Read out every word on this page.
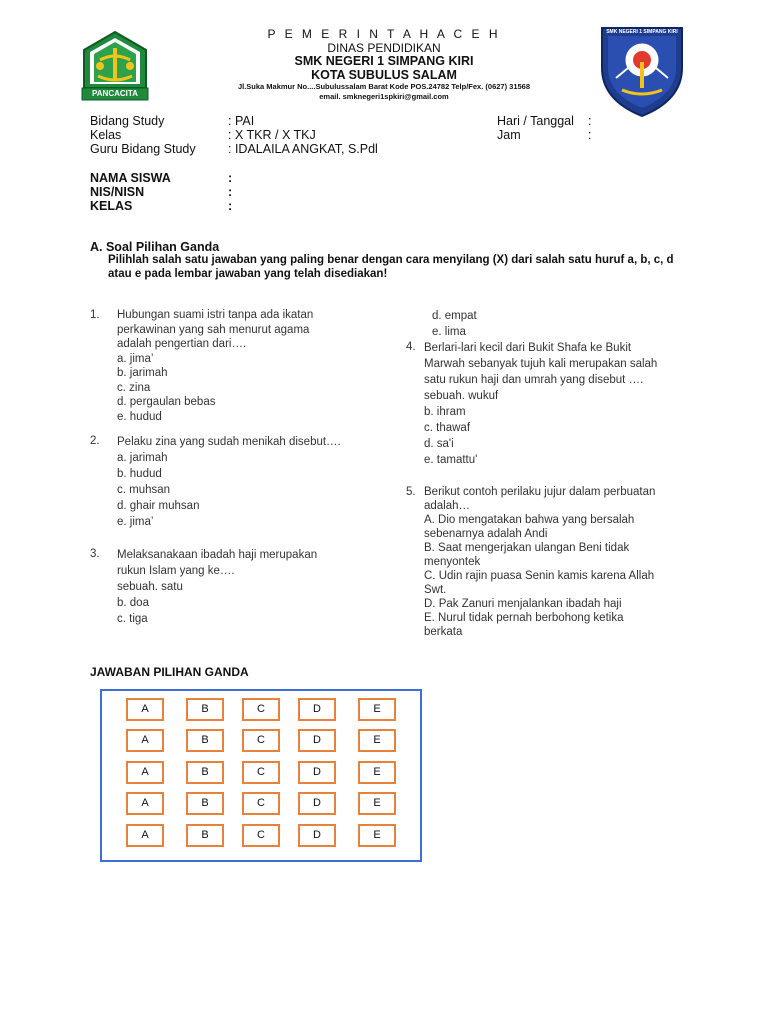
PANCACITA
SMK NEGERI 1 SIMPANG KIRI
P E M E R I N T A H A C E H
DINAS PENDIDIKAN
SMK NEGERI 1 SIMPANG KIRI
KOTA SUBULUS SALAM
Jl.Suka Makmur No....Subulussalam Barat Kode POS.24782 Telp/Fex. (0627) 31568
email. smknegeri1spkiri@gmail.com
Bidang Study	: PAI
Kelas	: X TKR / X TKJ
Guru Bidang Study	: IDALAILA ANGKAT, S.Pdl
Hari / Tanggal :
Jam	:
NAMA SISWA	:
NIS/NISN	:
KELAS	:
A. Soal Pilihan Ganda
Pilihlah salah satu jawaban yang paling benar dengan cara menyilang (X) dari salah satu huruf a, b, c, d
atau e pada lembar jawaban yang telah disediakan!
1. Hubungan suami istri tanpa ada ikatan
perkawinan yang sah menurut agama
adalah pengertian dari….
a. jima’
b. jarimah
c. zina
d. pergaulan bebas
e. hudud
2. Pelaku zina yang sudah menikah disebut….
a. jarimah
b. hudud
c. muhsan
d. ghair muhsan
e. jima’
3. Melaksanakaan ibadah haji merupakan
rukun Islam yang ke….
sebuah. satu
b. doa
c. tiga
d. empat
e. lima
4. Berlari-lari kecil dari Bukit Shafa ke Bukit
Marwah sebanyak tujuh kali merupakan salah
satu rukun haji dan umrah yang disebut ….
sebuah. wukuf
b. ihram
c. thawaf
d. sa'i
e. tamattu'
5. Berikut contoh perilaku jujur dalam perbuatan
adalah…
A. Dio mengatakan bahwa yang bersalah
sebenarnya adalah Andi
B. Saat mengerjakan ulangan Beni tidak
menyontek
C. Udin rajin puasa Senin kamis karena Allah
Swt.
D. Pak Zanuri menjalankan ibadah haji
E. Nurul tidak pernah berbohong ketika
berkata
JAWABAN PILIHAN GANDA
A	B	C	D	E
A	B	C	D	E
A	B	C	D	E
A	B	C	D	E
A	B	C	D	E
